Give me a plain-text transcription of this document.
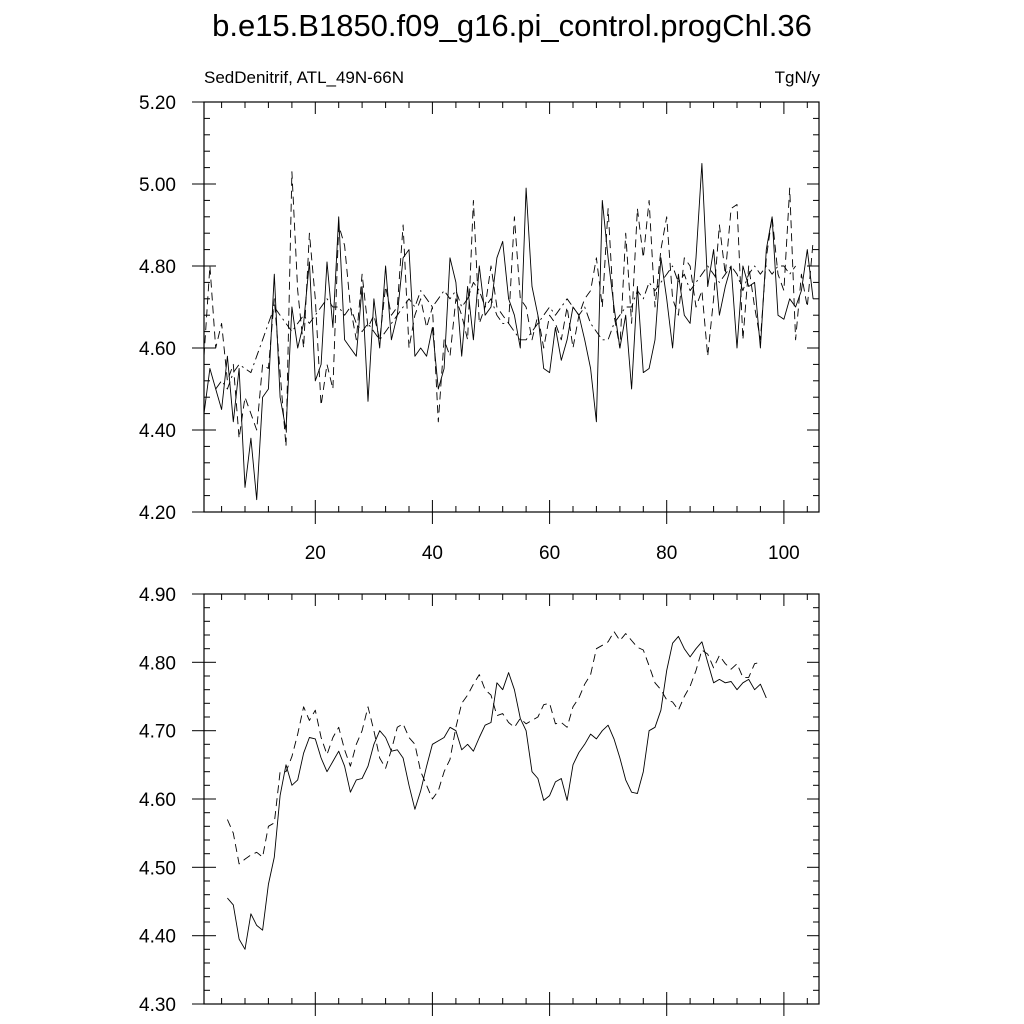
b.e15.B1850.f09_g16.pi_control.progChl.36
SedDenitrif, ATL_49N-66N	TgN/y
20	40	60	80	100
4.20
4.40
4.60
4.80
5.00
5.20
4.30
4.40
4.50
4.60
4.70
4.80
4.90
